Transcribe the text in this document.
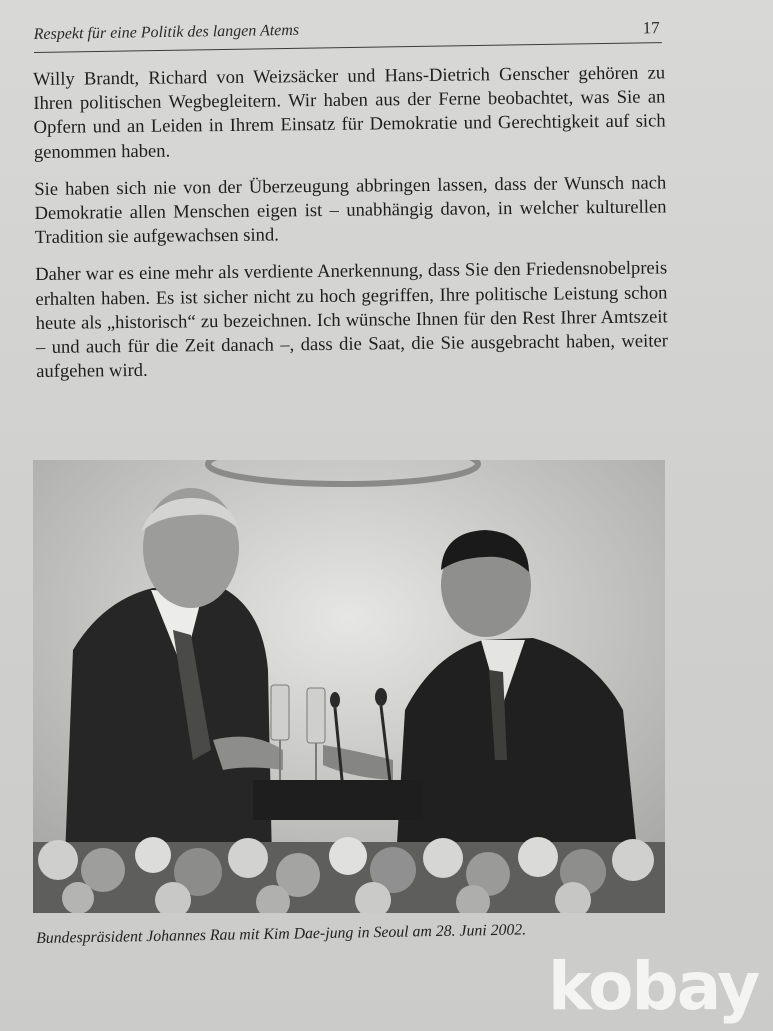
Respekt für eine Politik des langen Atems	17

Willy Brandt, Richard von Weizsäcker und Hans-Dietrich Genscher gehören zu Ihren politischen Wegbegleitern. Wir haben aus der Ferne beobachtet, was Sie an Opfern und an Leiden in Ihrem Einsatz für Demokratie und Gerechtigkeit auf sich genommen haben.

Sie haben sich nie von der Überzeugung abbringen lassen, dass der Wunsch nach Demokratie allen Menschen eigen ist – unabhängig davon, in welcher kulturellen Tradition sie aufgewachsen sind.

Daher war es eine mehr als verdiente Anerkennung, dass Sie den Friedensnobelpreis erhalten haben. Es ist sicher nicht zu hoch gegriffen, Ihre politische Leistung schon heute als „historisch“ zu bezeichnen. Ich wünsche Ihnen für den Rest Ihrer Amtszeit – und auch für die Zeit danach –, dass die Saat, die Sie ausgebracht haben, weiter aufgehen wird.

Bundespräsident Johannes Rau mit Kim Dae-jung in Seoul am 28. Juni 2002.
kobay
